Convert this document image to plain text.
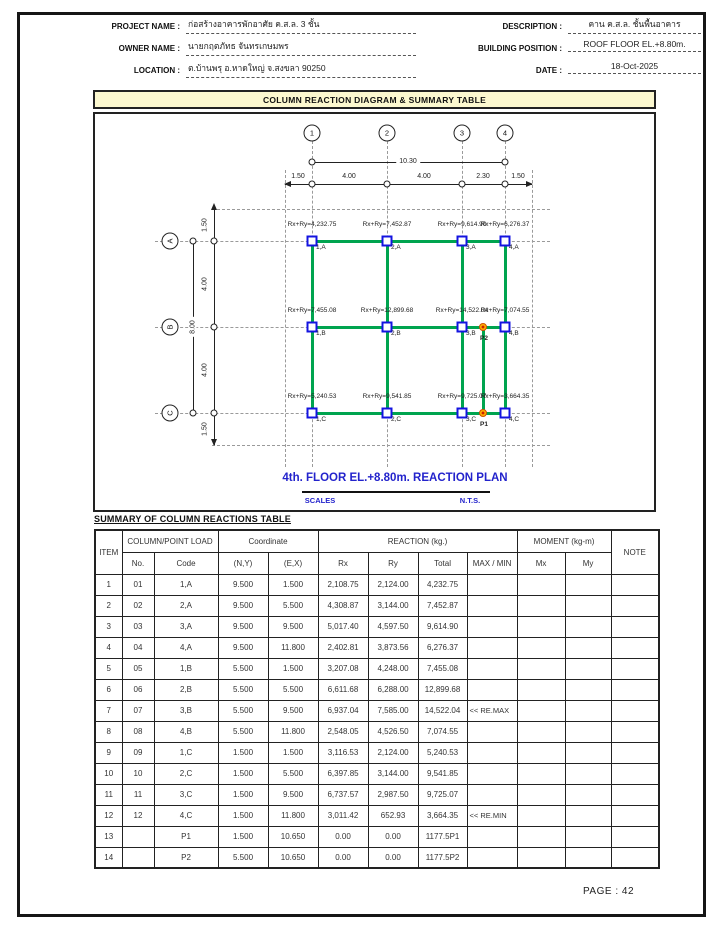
PROJECT NAME : ก่อสร้างอาคารพักอาศัย ค.ส.ล. 3 ชั้น
OWNER NAME : นายกฤตภัทธ จันทรเกษมพร
LOCATION : ต.บ้านพรุ อ.หาดใหญ่ จ.สงขลา 90250
DESCRIPTION :	คาน ค.ส.ล. ชั้นพื้นอาคาร
BUILDING POSITION :	ROOF FLOOR EL.+8.80m.
DATE :	18-Oct-2025
COLUMN REACTION DIAGRAM & SUMMARY TABLE
1	2	3	4
A
B
C
10.30
1.50	4.00	4.00	2.30	1.50
8.00
1.50
4.00
4.00
1.50
4th. FLOOR EL.+8.80m. REACTION PLAN
SCALES	N.T.S.
Rx+Ry=4,232.75
1,A
Rx+Ry=7,452.87
2,A
Rx+Ry=9,614.90
3,A
Rx+Ry=6,276.37
4,A
Rx+Ry=7,455.08
1,B
Rx+Ry=12,899.68
2,B
Rx+Ry=14,522.04
3,B
Rx+Ry=7,074.55
4,B
Rx+Ry=5,240.53
1,C
Rx+Ry=9,541.85
2,C
Rx+Ry=9,725.07
3,C
Rx+Ry=3,664.35
4,C
P1
P2
SUMMARY OF COLUMN REACTIONS TABLE
ITEM	COLUMN/POINT LOAD		Coordinate		REACTION (kg.)				MOMENT (kg-m)		NOTE
	No.	Code	(N,Y)	(E,X)	Rx	Ry	Total	MAX / MIN	Mx	My	
1	01	1,A	9.500	1.500	2,108.75	2,124.00	4,232.75				
2	02	2,A	9.500	5.500	4,308.87	3,144.00	7,452.87				
3	03	3,A	9.500	9.500	5,017.40	4,597.50	9,614.90				
4	04	4,A	9.500	11.800	2,402.81	3,873.56	6,276.37				
5	05	1,B	5.500	1.500	3,207.08	4,248.00	7,455.08				
6	06	2,B	5.500	5.500	6,611.68	6,288.00	12,899.68				
7	07	3,B	5.500	9.500	6,937.04	7,585.00	14,522.04	<< RE.MAX			
8	08	4,B	5.500	11.800	2,548.05	4,526.50	7,074.55				
9	09	1,C	1.500	1.500	3,116.53	2,124.00	5,240.53				
10	10	2,C	1.500	5.500	6,397.85	3,144.00	9,541.85				
11	11	3,C	1.500	9.500	6,737.57	2,987.50	9,725.07				
12	12	4,C	1.500	11.800	3,011.42	652.93	3,664.35	<< RE.MIN			
13		P1	1.500	10.650	0.00	0.00	1177.5P1				
14		P2	5.500	10.650	0.00	0.00	1177.5P2				
PAGE : 42
